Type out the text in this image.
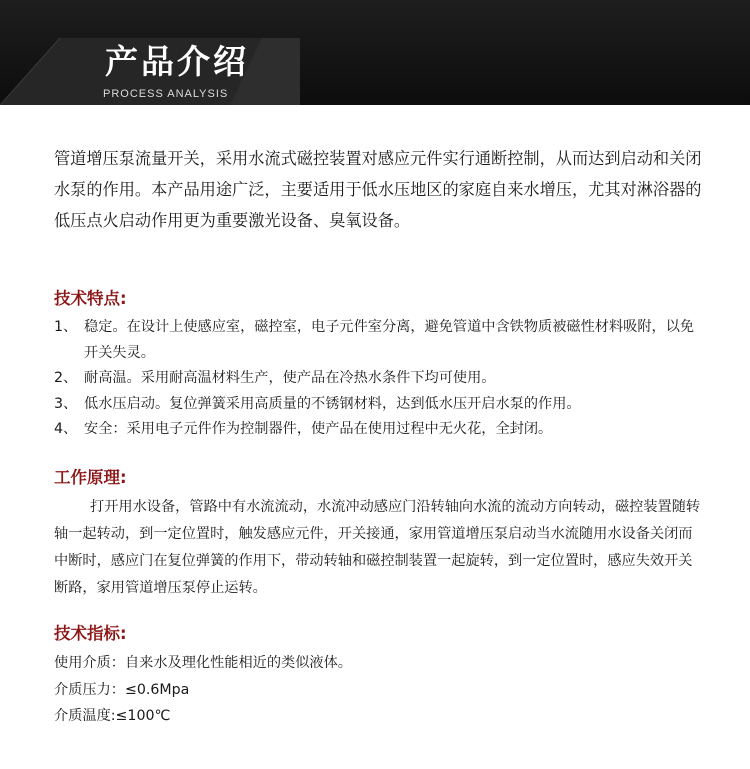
产品介绍
PROCESS ANALYSIS

管道增压泵流量开关，采用水流式磁控装置对感应元件实行通断控制，从而达到启动和关闭水泵的作用。本产品用途广泛，主要适用于低水压地区的家庭自来水增压，尤其对淋浴器的低压点火启动作用更为重要激光设备、臭氧设备。

技术特点:
1、 稳定。在设计上使感应室，磁控室，电子元件室分离，避免管道中含铁物质被磁性材料吸附，以免开关失灵。
2、 耐高温。采用耐高温材料生产，使产品在冷热水条件下均可使用。
3、 低水压启动。复位弹簧采用高质量的不锈钢材料，达到低水压开启水泵的作用。
4、 安全：采用电子元件作为控制器件，使产品在使用过程中无火花，全封闭。
工作原理:

打开用水设备，管路中有水流流动，水流冲动感应门沿转轴向水流的流动方向转动，磁控装置随转轴一起转动，到一定位置时，触发感应元件，开关接通，家用管道增压泵启动当水流随用水设备关闭而中断时，感应门在复位弹簧的作用下，带动转轴和磁控制装置一起旋转，到一定位置时，感应失效开关断路，家用管道增压泵停止运转。

技术指标:
使用介质：自来水及理化性能相近的类似液体。
介质压力：≤0.6Mpa
介质温度:≤100℃
